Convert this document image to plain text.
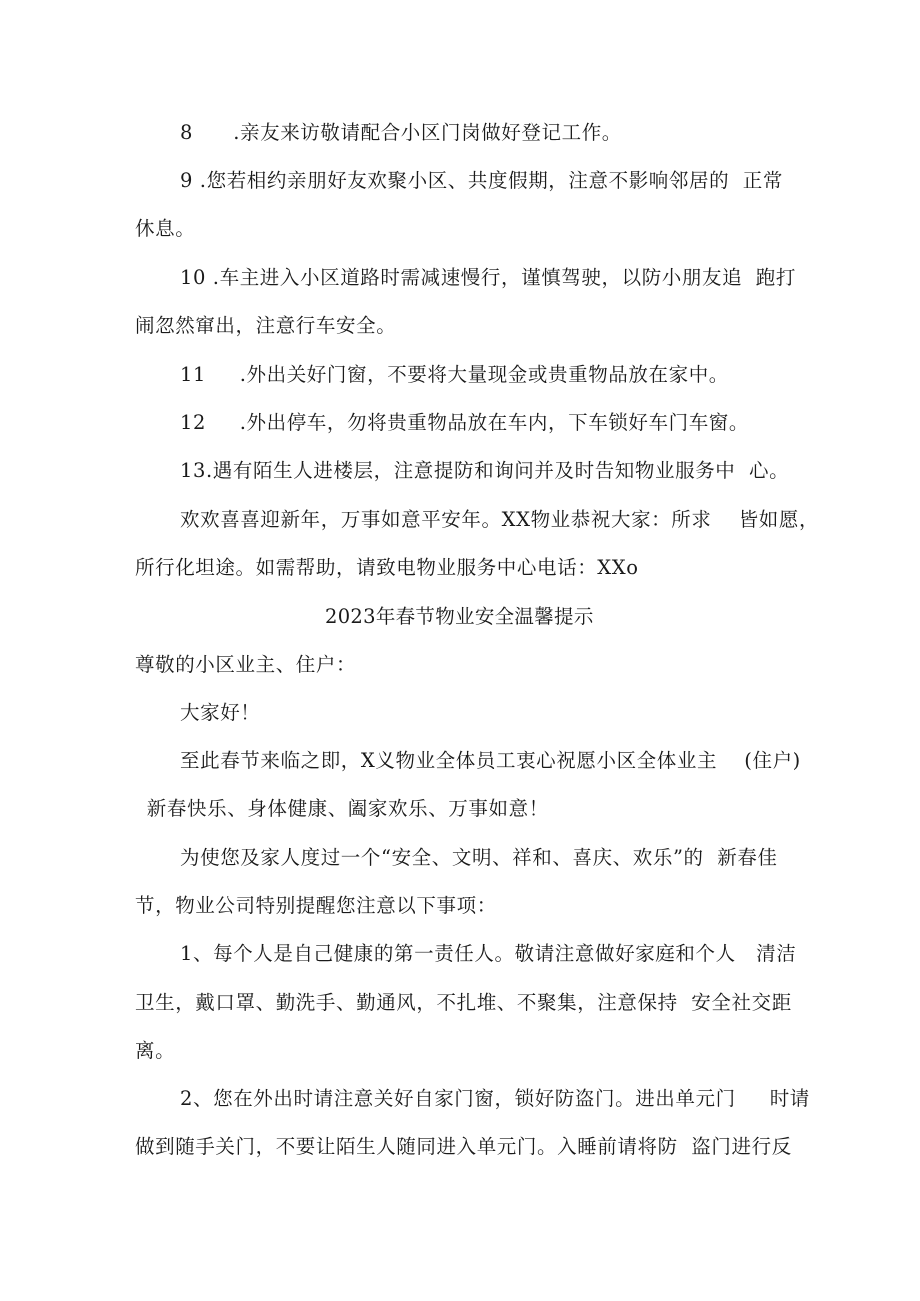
8　　.亲友来访敬请配合小区门岗做好登记工作。
9 .您若相约亲朋好友欢聚小区、共度假期，注意不影响邻居的  正常
休息。
10 .车主进入小区道路时需减速慢行，谨慎驾驶，以防小朋友追  跑打
闹忽然窜出，注意行车安全。
11　  .外出关好门窗，不要将大量现金或贵重物品放在家中。
12　  .外出停车，勿将贵重物品放在车内，下车锁好车门车窗。
13.遇有陌生人进楼层，注意提防和询问并及时告知物业服务中  心。
欢欢喜喜迎新年，万事如意平安年。XX物业恭祝大家：所求    皆如愿，
所行化坦途。如需帮助，请致电物业服务中心电话：XXo
2023年春节物业安全温馨提示
尊敬的小区业主、住户：
大家好！
至此春节来临之即，X义物业全体员工衷心祝愿小区全体业主    (住户)
新春快乐、身体健康、阖家欢乐、万事如意！
为使您及家人度过一个“安全、文明、祥和、喜庆、欢乐”的  新春佳
节，物业公司特别提醒您注意以下事项：
1、每个人是自己健康的第一责任人。敬请注意做好家庭和个人   清洁
卫生，戴口罩、勤洗手、勤通风，不扎堆、不聚集，注意保持  安全社交距
离。
2、您在外出时请注意关好自家门窗，锁好防盗门。进出单元门     时请
做到随手关门，不要让陌生人随同进入单元门。入睡前请将防  盗门进行反
